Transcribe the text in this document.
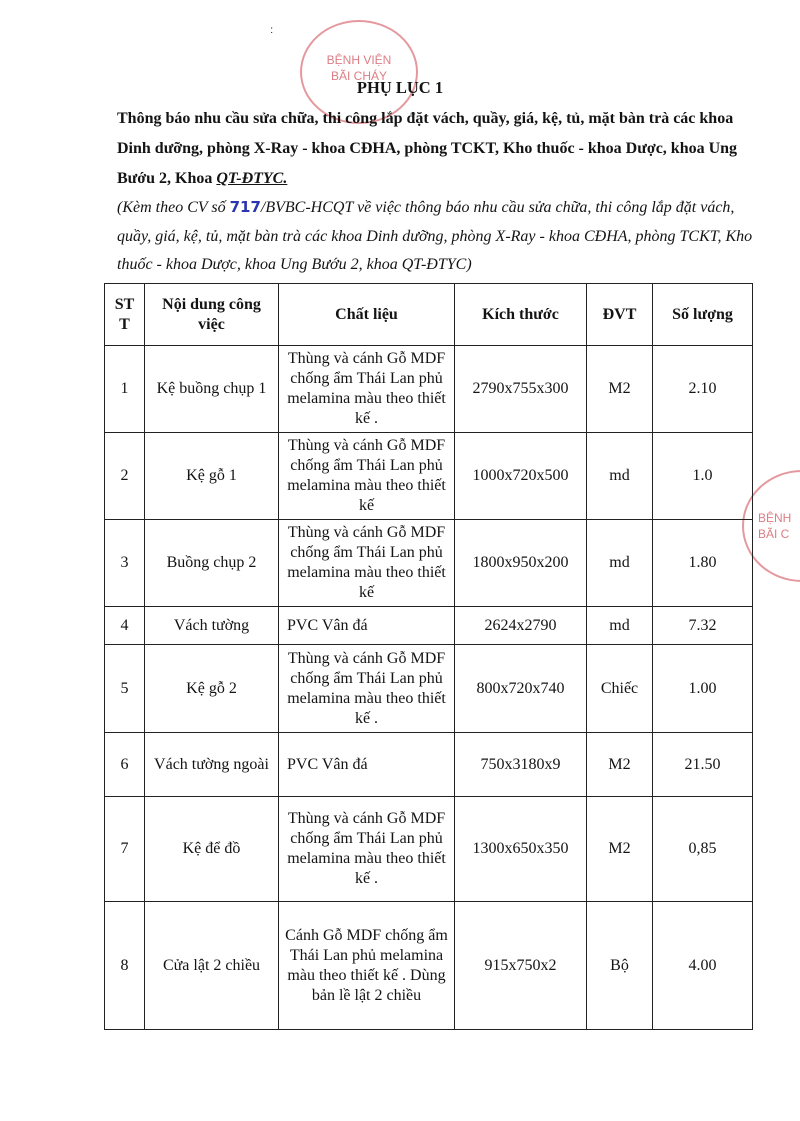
ː
BỆNH VIỆN
BÃI CHÁY
BỆNH
BÃI C
PHỤ LỤC 1

Thông báo nhu cầu sửa chữa, thi công lắp đặt vách, quầy, giá, kệ, tủ, mặt bàn trà các khoa Dinh dưỡng, phòng X-Ray - khoa CĐHA, phòng TCKT, Kho thuốc - khoa Dược, khoa Ung Bướu 2, Khoa QT-ĐTYC.

(Kèm theo CV số 717/BVBC-HCQT về việc thông báo nhu cầu sửa chữa, thi công lắp đặt vách, quầy, giá, kệ, tủ, mặt bàn trà các khoa Dinh dưỡng, phòng X-Ray - khoa CĐHA, phòng TCKT, Kho thuốc - khoa Dược, khoa Ung Bướu 2, khoa QT-ĐTYC)

ST T	Nội dung công việc	Chất liệu	Kích thước	ĐVT	Số lượng
1	Kệ buồng chụp 1	Thùng và cánh Gỗ MDF chống ẩm Thái Lan phủ melamina màu theo thiết kế .	2790x755x300	M2	2.10
2	Kệ gỗ 1	Thùng và cánh Gỗ MDF chống ẩm Thái Lan phủ melamina màu theo thiết kế	1000x720x500	md	1.0
3	Buồng chụp 2	Thùng và cánh Gỗ MDF chống ẩm Thái Lan phủ melamina màu theo thiết kế	1800x950x200	md	1.80
4	Vách tường	PVC Vân đá	2624x2790	md	7.32
5	Kệ gỗ 2	Thùng và cánh Gỗ MDF chống ẩm Thái Lan phủ melamina màu theo thiết kế .	800x720x740	Chiếc	1.00
6	Vách tường ngoài	PVC Vân đá	750x3180x9	M2	21.50
7	Kệ để đồ	Thùng và cánh Gỗ MDF chống ẩm Thái Lan phủ melamina màu theo thiết kế .	1300x650x350	M2	0,85
8	Cửa lật 2 chiều	Cánh Gỗ MDF chống ẩm Thái Lan phủ melamina màu theo thiết kế . Dùng bản lề lật 2 chiều	915x750x2	Bộ	4.00
